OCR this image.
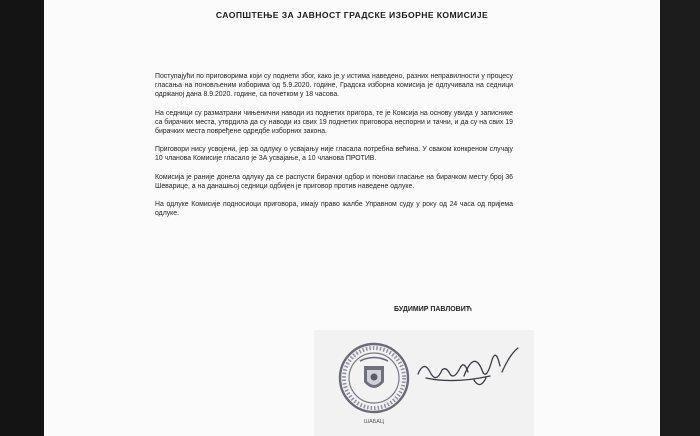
САОПШТЕЊЕ ЗА ЈАВНОСТ ГРАДСКЕ ИЗБОРНЕ КОМИСИЈЕ

Поступајући по приговорима који су поднети због, како је у истима наведено, разних неправилности у процесу гласања на поновљеним изборима од 5.9.2020. године, Градска изборна комисија је одлучивала на седници одржаној дана 8.9.2020. године, са почетком у 18 часова.

На седници су разматрани чињенични наводи из поднетих пригора, те је Комсија на основу увида у записнике са бирачких места, утврдила да су наводи из свих 19 поднетих приговора неспорни и тачни, и да су на свих 19 бирачких места повређене одредбе изборних закона.

Приговори нису усвојени, јер за одлуку о усвајању није гласала потребна већина. У сваком конкреном случају 10 чланова Комисије гласало је ЗА усвајање, а 10 чланова ПРОТИВ.

Комисија је раније донела одлуку да се распусти бирачки одбор и понови гласање на бирачком месту број 36 Шеварице, а на данашњој седници одбијен је приговор против наведене одлуке.

На одлуке Комисије подносиоци приговора, имају право жалбе Управном суду у року од 24 часа од пријема одлуке.

БУДИМИР ПАВЛОВИЋ
ШАБАЦ
